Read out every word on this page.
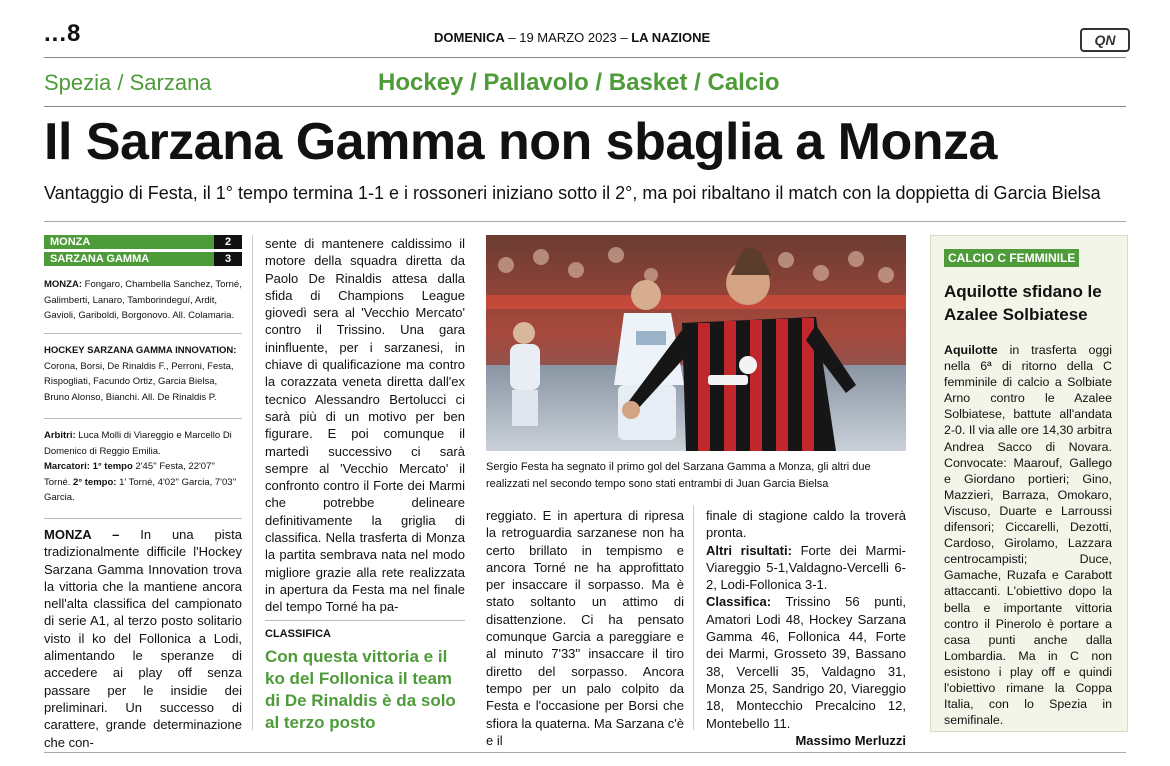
...8	DOMENICA – 19 MARZO 2023 – LA NAZIONE	QN
Spezia / Sarzana	Hockey / Pallavolo / Basket / Calcio
Il Sarzana Gamma non sbaglia a Monza
Vantaggio di Festa, il 1° tempo termina 1-1 e i rossoneri iniziano sotto il 2°, ma poi ribaltano il match con la doppietta di Garcia Bielsa
MONZA	2
SARZANA GAMMA	3
MONZA: Fongaro, Chambella Sanchez, Torné, Galimberti, Lanaro, Tamborindeguí, Ardit, Gavioli, Gariboldi, Borgonovo. All. Colamaria.
HOCKEY SARZANA GAMMA INNOVATION: Corona, Borsi, De Rinaldis F., Perroni, Festa, Rispogliati, Facundo Ortiz, Garcia Bielsa, Bruno Alonso, Bianchi. All. De Rinaldis P.
Arbitri: Luca Molli di Viareggio e Marcello Di Domenico di Reggio Emilia.
Marcatori: 1° tempo 2'45'' Festa, 22'07'' Torné. 2° tempo: 1' Torné, 4'02'' Garcia, 7'03'' Garcia.
MONZA – In una pista tradizionalmente difficile l'Hockey Sarzana Gamma Innovation trova la vittoria che la mantiene ancora nell'alta classifica del campionato di serie A1, al terzo posto solitario visto il ko del Follonica a Lodi, alimentando le speranze di accedere ai play off senza passare per le insidie dei preliminari. Un successo di carattere, grande determinazione che con-
sente di mantenere caldissimo il motore della squadra diretta da Paolo De Rinaldis attesa dalla sfida di Champions League giovedì sera al 'Vecchio Mercato' contro il Trissino. Una gara ininfluente, per i sarzanesi, in chiave di qualificazione ma contro la corazzata veneta diretta dall'ex tecnico Alessandro Bertolucci ci sarà più di un motivo per ben figurare. E poi comunque il martedì successivo ci sarà sempre al 'Vecchio Mercato' il confronto contro il Forte dei Marmi che potrebbe delineare definitivamente la griglia di classifica. Nella trasferta di Monza la partita sembrava nata nel modo migliore grazie alla rete realizzata in apertura da Festa ma nel finale del tempo Torné ha pa-
CLASSIFICA
Con questa vittoria e il ko del Follonica il team di De Rinaldis è da solo al terzo posto
Sergio Festa ha segnato il primo gol del Sarzana Gamma a Monza, gli altri due realizzati nel secondo tempo sono stati entrambi di Juan Garcia Bielsa
reggiato. E in apertura di ripresa la retroguardia sarzanese non ha certo brillato in tempismo e ancora Torné ne ha approfittato per insaccare il sorpasso. Ma è stato soltanto un attimo di disattenzione. Ci ha pensato comunque Garcia a pareggiare e al minuto 7'33'' insaccare il tiro diretto del sorpasso. Ancora tempo per un palo colpito da Festa e l'occasione per Borsi che sfiora la quaterna. Ma Sarzana c'è e il
finale di stagione caldo la troverà pronta.
Altri risultati: Forte dei Marmi-Viareggio 5-1,Valdagno-Vercelli 6-2, Lodi-Follonica 3-1.
Classifica: Trissino 56 punti, Amatori Lodi 48, Hockey Sarzana Gamma 46, Follonica 44, Forte dei Marmi, Grosseto 39, Bassano 38, Vercelli 35, Valdagno 31, Monza 25, Sandrigo 20, Viareggio 18, Montecchio Precalcino 12, Montebello 11.
Massimo Merluzzi
CALCIO C FEMMINILE
Aquilotte sfidano le Azalee Solbiatese
Aquilotte in trasferta oggi nella 6ª di ritorno della C femminile di calcio a Solbiate Arno contro le Azalee Solbiatese, battute all'andata 2-0. Il via alle ore 14,30 arbitra Andrea Sacco di Novara. Convocate: Maarouf, Gallego e Giordano portieri; Gino, Mazzieri, Barraza, Omokaro, Viscuso, Duarte e Larroussi difensori; Ciccarelli, Dezotti, Cardoso, Girolamo, Lazzara centrocampisti; Duce, Gamache, Ruzafa e Carabott attaccanti. L'obiettivo dopo la bella e importante vittoria contro il Pinerolo è portare a casa punti anche dalla Lombardia. Ma in C non esistono i play off e quindi l'obiettivo rimane la Coppa Italia, con lo Spezia in semifinale.
